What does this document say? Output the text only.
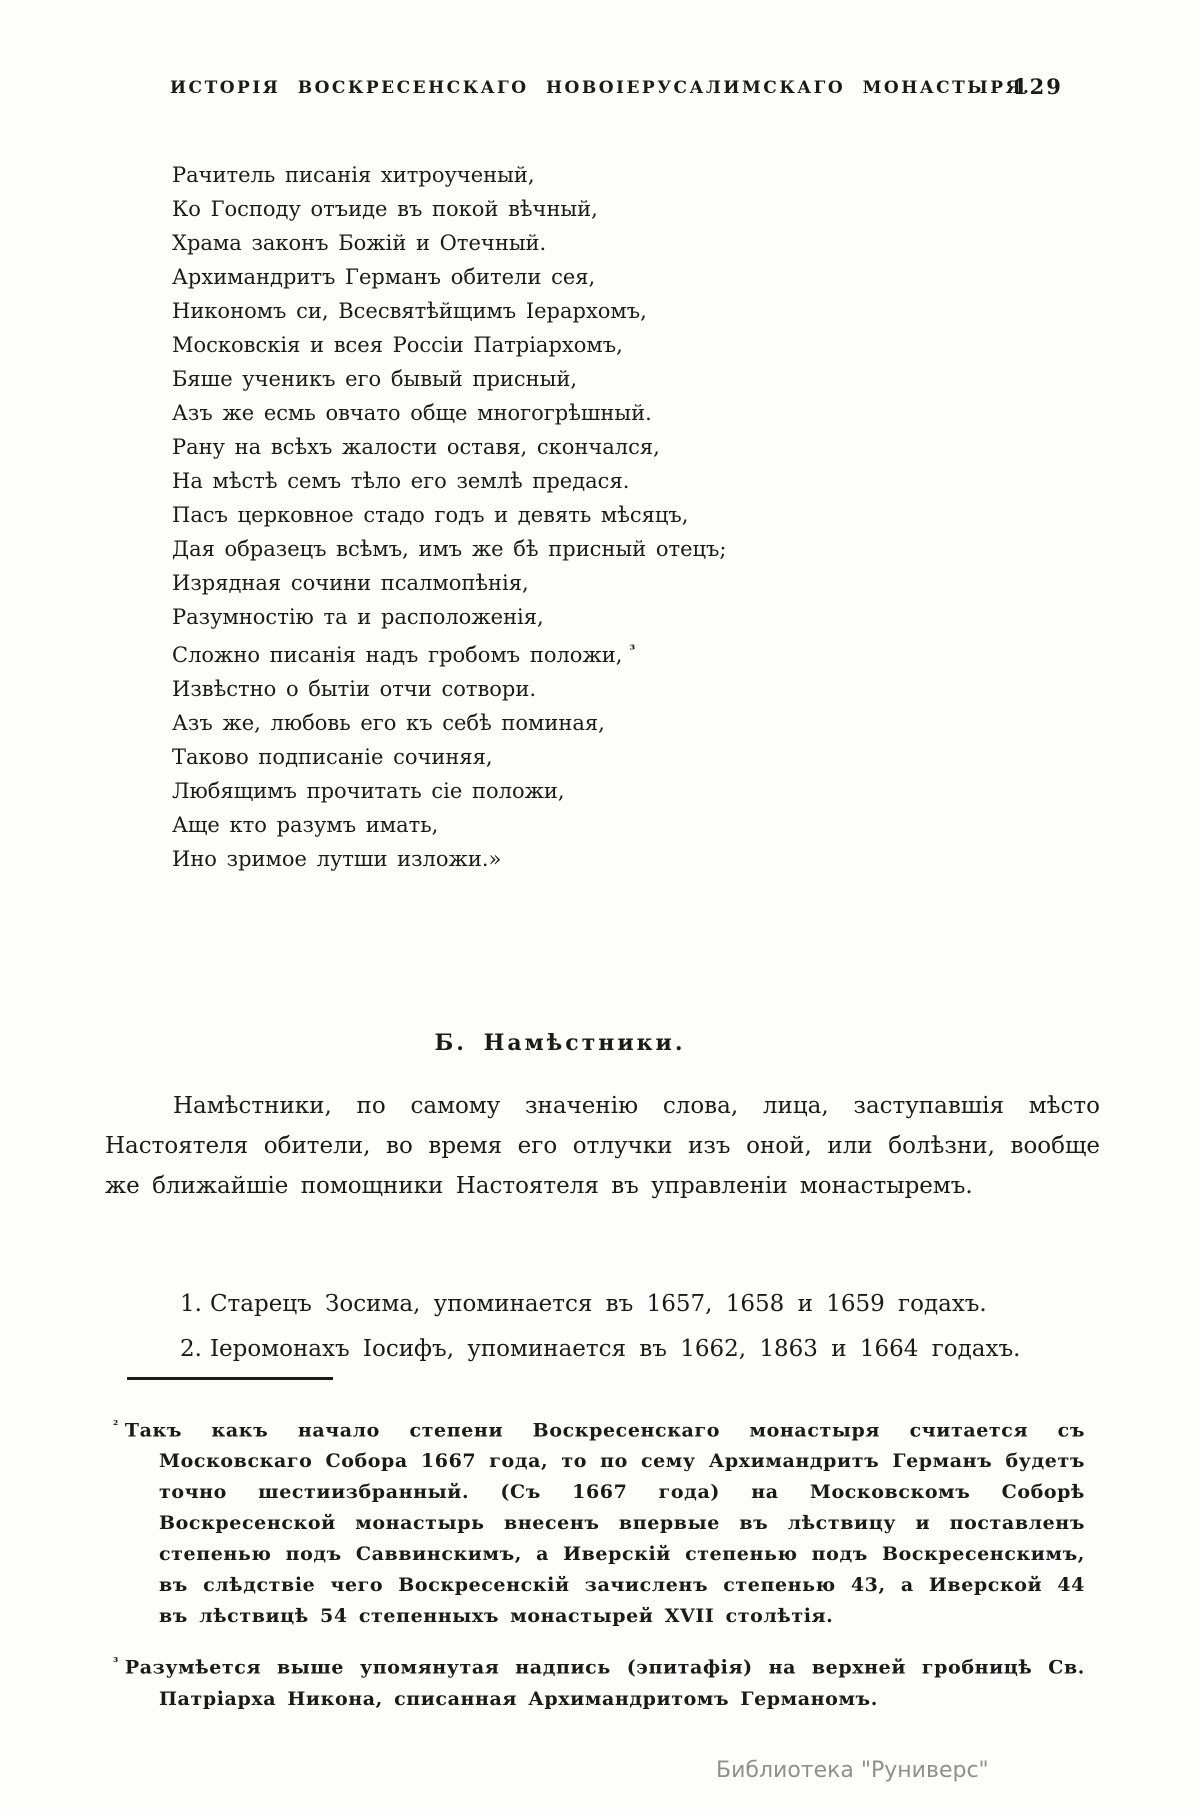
ИСТОРІЯ ВОСКРЕСЕНСКАГО НОВОІЕРУСАЛИМСКАГО МОНАСТЫРЯ.
129
Рачитель писанія хитроученый,
Ко Господу отъиде въ покой вѣчный,
Храма законъ Божій и Отечный.
Архимандритъ Германъ обители сея,
Никономъ си, Всесвятѣйщимъ Іерархомъ,
Московскія и всея Россіи Патріархомъ,
Бяше ученикъ его бывый присный,
Азъ же есмь овчато обще многогрѣшный.
Рану на всѣхъ жалости оставя, скончался,
На мѣстѣ семъ тѣло его землѣ предася.
Пасъ церковное стадо годъ и девять мѣсяцъ,
Дая образецъ всѣмъ, имъ же бѣ присный отецъ;
Изрядная сочини псалмопѣнія,
Разумностію та и расположенія,
Сложно писанія надъ гробомъ положи, $^{^3}$
Извѣстно о бытіи отчи сотвори.
Азъ же, любовь его къ себѣ поминая,
Таково подписаніе сочиняя,
Любящимъ прочитать сіе положи,
Аще кто разумъ имать,
Ино зримое лутши изложи.»
Б. Намѣстники.

Намѣстники, по самому значенію слова, лица, заступавшія мѣсто Настоятеля обители, во время его отлучки изъ оной, или болѣзни, вообще же ближайшіе помощники Настоятеля въ управленіи монастыремъ.

1. Старецъ Зосима, упоминается въ 1657, 1658 и 1659 годахъ.
2. Іеромонахъ Іосифъ, упоминается въ 1662, 1863 и 1664 годахъ.

$^{^2}$ Такъ какъ начало степени Воскресенскаго монастыря считается съ Московскаго Собора 1667 года, то по сему Архимандритъ Германъ будетъ точно шестиизбранный. (Съ 1667 года) на Московскомъ Соборѣ Воскресенской монастырь внесенъ впервые въ лѣствицу и поставленъ степенью подъ Саввинскимъ, а Иверскій степенью подъ Воскресенскимъ, въ слѣдствіе чего Воскресенскій зачисленъ степенью 43, а Иверской 44 въ лѣствицѣ 54 степенныхъ монастырей XVII столѣтія.

$^{^3}$ Разумѣется выше упомянутая надпись (эпитафія) на верхней гробницѣ Св. Патріарха Никона, списанная Архимандритомъ Германомъ.

Библиотека "Руниверс"
